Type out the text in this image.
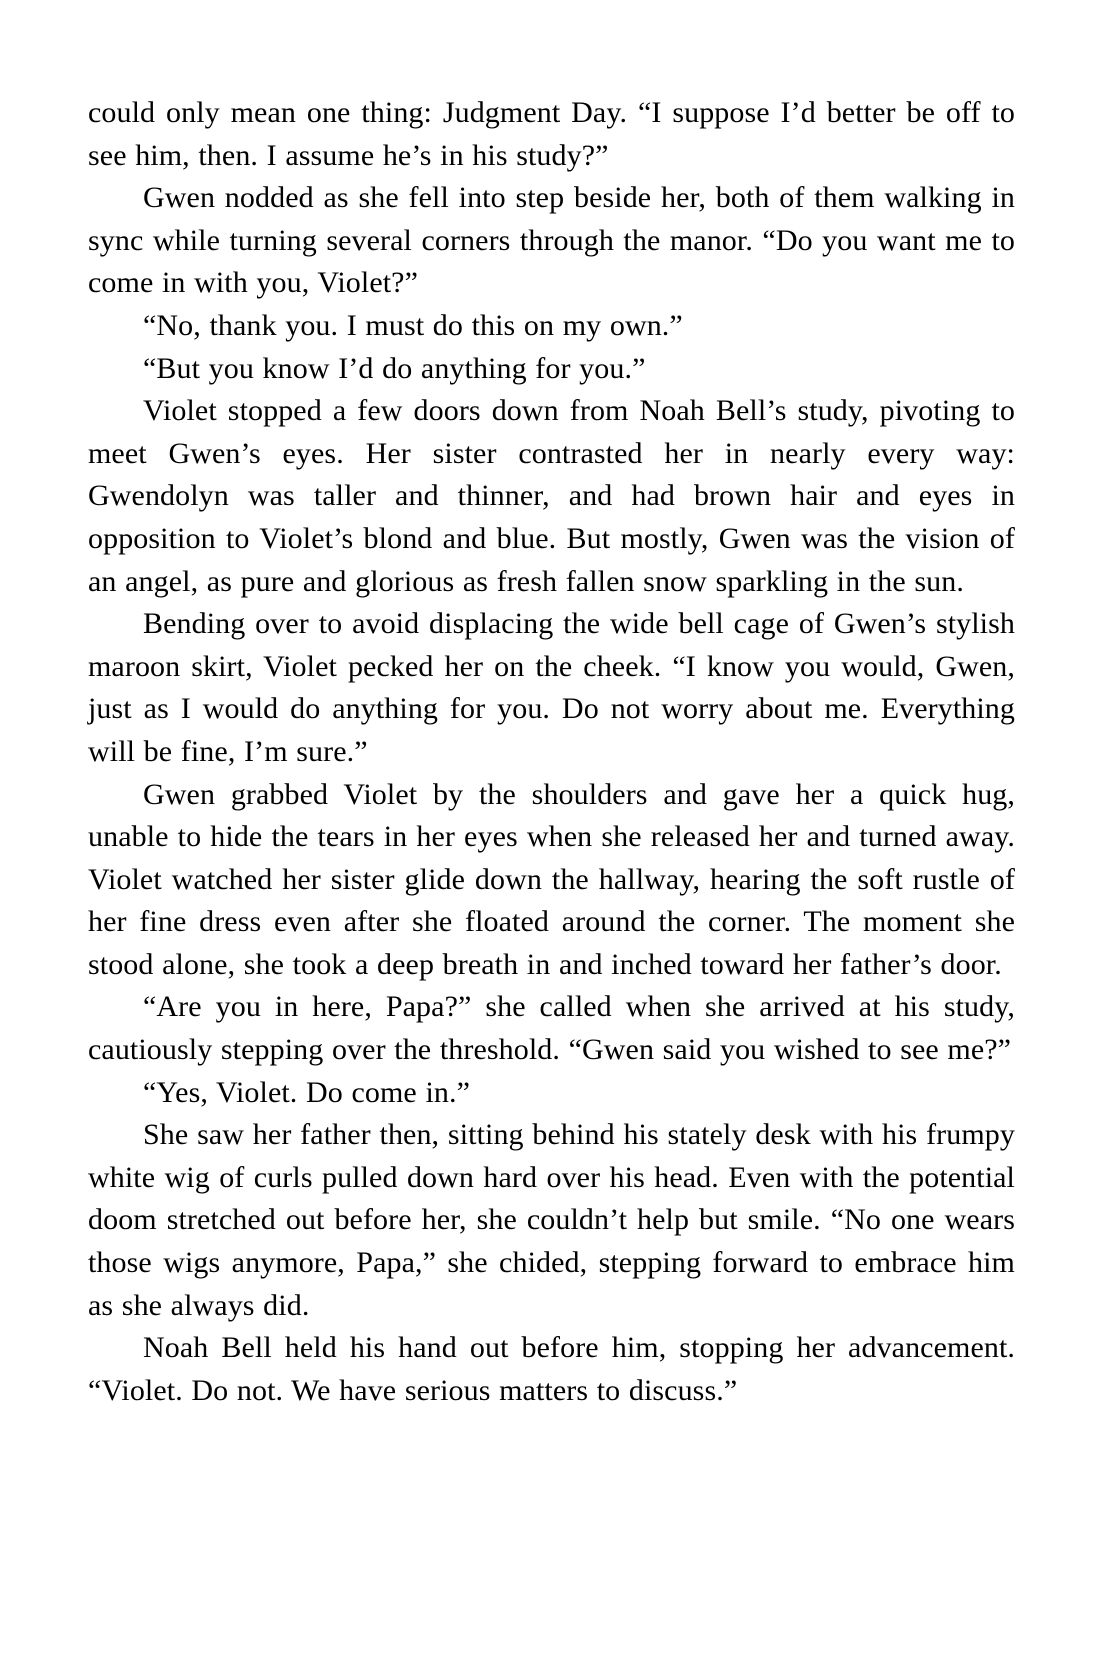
could only mean one thing: Judgment Day. “I suppose I’d better be off to see him, then. I assume he’s in his study?”

Gwen nodded as she fell into step beside her, both of them walking in sync while turning several corners through the manor. “Do you want me to come in with you, Violet?”

“No, thank you. I must do this on my own.”

“But you know I’d do anything for you.”

Violet stopped a few doors down from Noah Bell’s study, pivoting to meet Gwen’s eyes. Her sister contrasted her in nearly every way: Gwendolyn was taller and thinner, and had brown hair and eyes in opposition to Violet’s blond and blue. But mostly, Gwen was the vision of an angel, as pure and glorious as fresh fallen snow sparkling in the sun.

Bending over to avoid displacing the wide bell cage of Gwen’s stylish maroon skirt, Violet pecked her on the cheek. “I know you would, Gwen, just as I would do anything for you. Do not worry about me. Everything will be fine, I’m sure.”

Gwen grabbed Violet by the shoulders and gave her a quick hug, unable to hide the tears in her eyes when she released her and turned away. Violet watched her sister glide down the hallway, hearing the soft rustle of her fine dress even after she floated around the corner. The moment she stood alone, she took a deep breath in and inched toward her father’s door.

“Are you in here, Papa?” she called when she arrived at his study, cautiously stepping over the threshold. “Gwen said you wished to see me?”

“Yes, Violet. Do come in.”

She saw her father then, sitting behind his stately desk with his frumpy white wig of curls pulled down hard over his head. Even with the potential doom stretched out before her, she couldn’t help but smile. “No one wears those wigs anymore, Papa,” she chided, stepping forward to embrace him as she always did.

Noah Bell held his hand out before him, stopping her advancement. “Violet. Do not. We have serious matters to discuss.”
